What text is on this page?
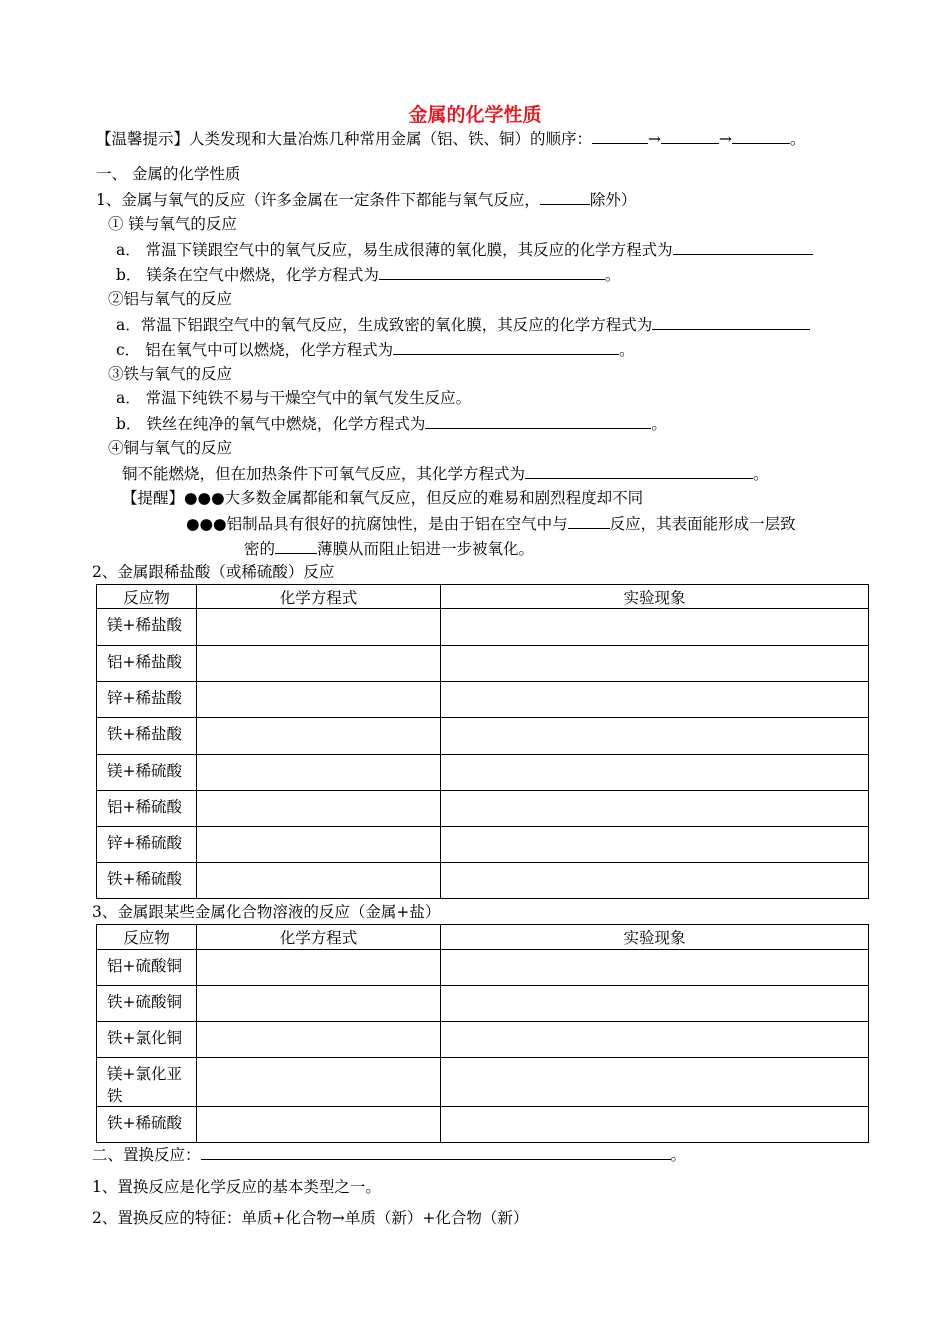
金属的化学性质
【温馨提示】人类发现和大量冶炼几种常用金属（铝、铁、铜）的顺序：	→	→	。
一、 金属的化学性质
1、金属与氧气的反应（许多金属在一定条件下都能与氧气反应，	除外）
① 镁与氧气的反应
a． 常温下镁跟空气中的氧气反应，易生成很薄的氧化膜，其反应的化学方程式为
b． 镁条在空气中燃烧，化学方程式为	。
②铝与氧气的反应
a．常温下铝跟空气中的氧气反应，生成致密的氧化膜，其反应的化学方程式为
c． 铝在氧气中可以燃烧，化学方程式为	。
③铁与氧气的反应
a． 常温下纯铁不易与干燥空气中的氧气发生反应。
b． 铁丝在纯净的氧气中燃烧，化学方程式为	。
④铜与氧气的反应
铜不能燃烧，但在加热条件下可氧气反应，其化学方程式为	。
【提醒】●●●大多数金属都能和氧气反应，但反应的难易和剧烈程度却不同
●●●铝制品具有很好的抗腐蚀性，是由于铝在空气中与	反应，其表面能形成一层致
密的	薄膜从而阻止铝进一步被氧化。
2、金属跟稀盐酸（或稀硫酸）反应
反应物	化学方程式	实验现象
镁+稀盐酸		
铝+稀盐酸		
锌+稀盐酸		
铁+稀盐酸		
镁+稀硫酸		
铝+稀硫酸		
锌+稀硫酸		
铁+稀硫酸		
3、金属跟某些金属化合物溶液的反应（金属+盐）
反应物	化学方程式	实验现象
铝+硫酸铜		
铁+硫酸铜		
铁+氯化铜		
镁+氯化亚铁		
铁+稀硫酸		
二、置换反应：	。
1、置换反应是化学反应的基本类型之一。
2、置换反应的特征：单质+化合物→单质（新）+化合物（新）
